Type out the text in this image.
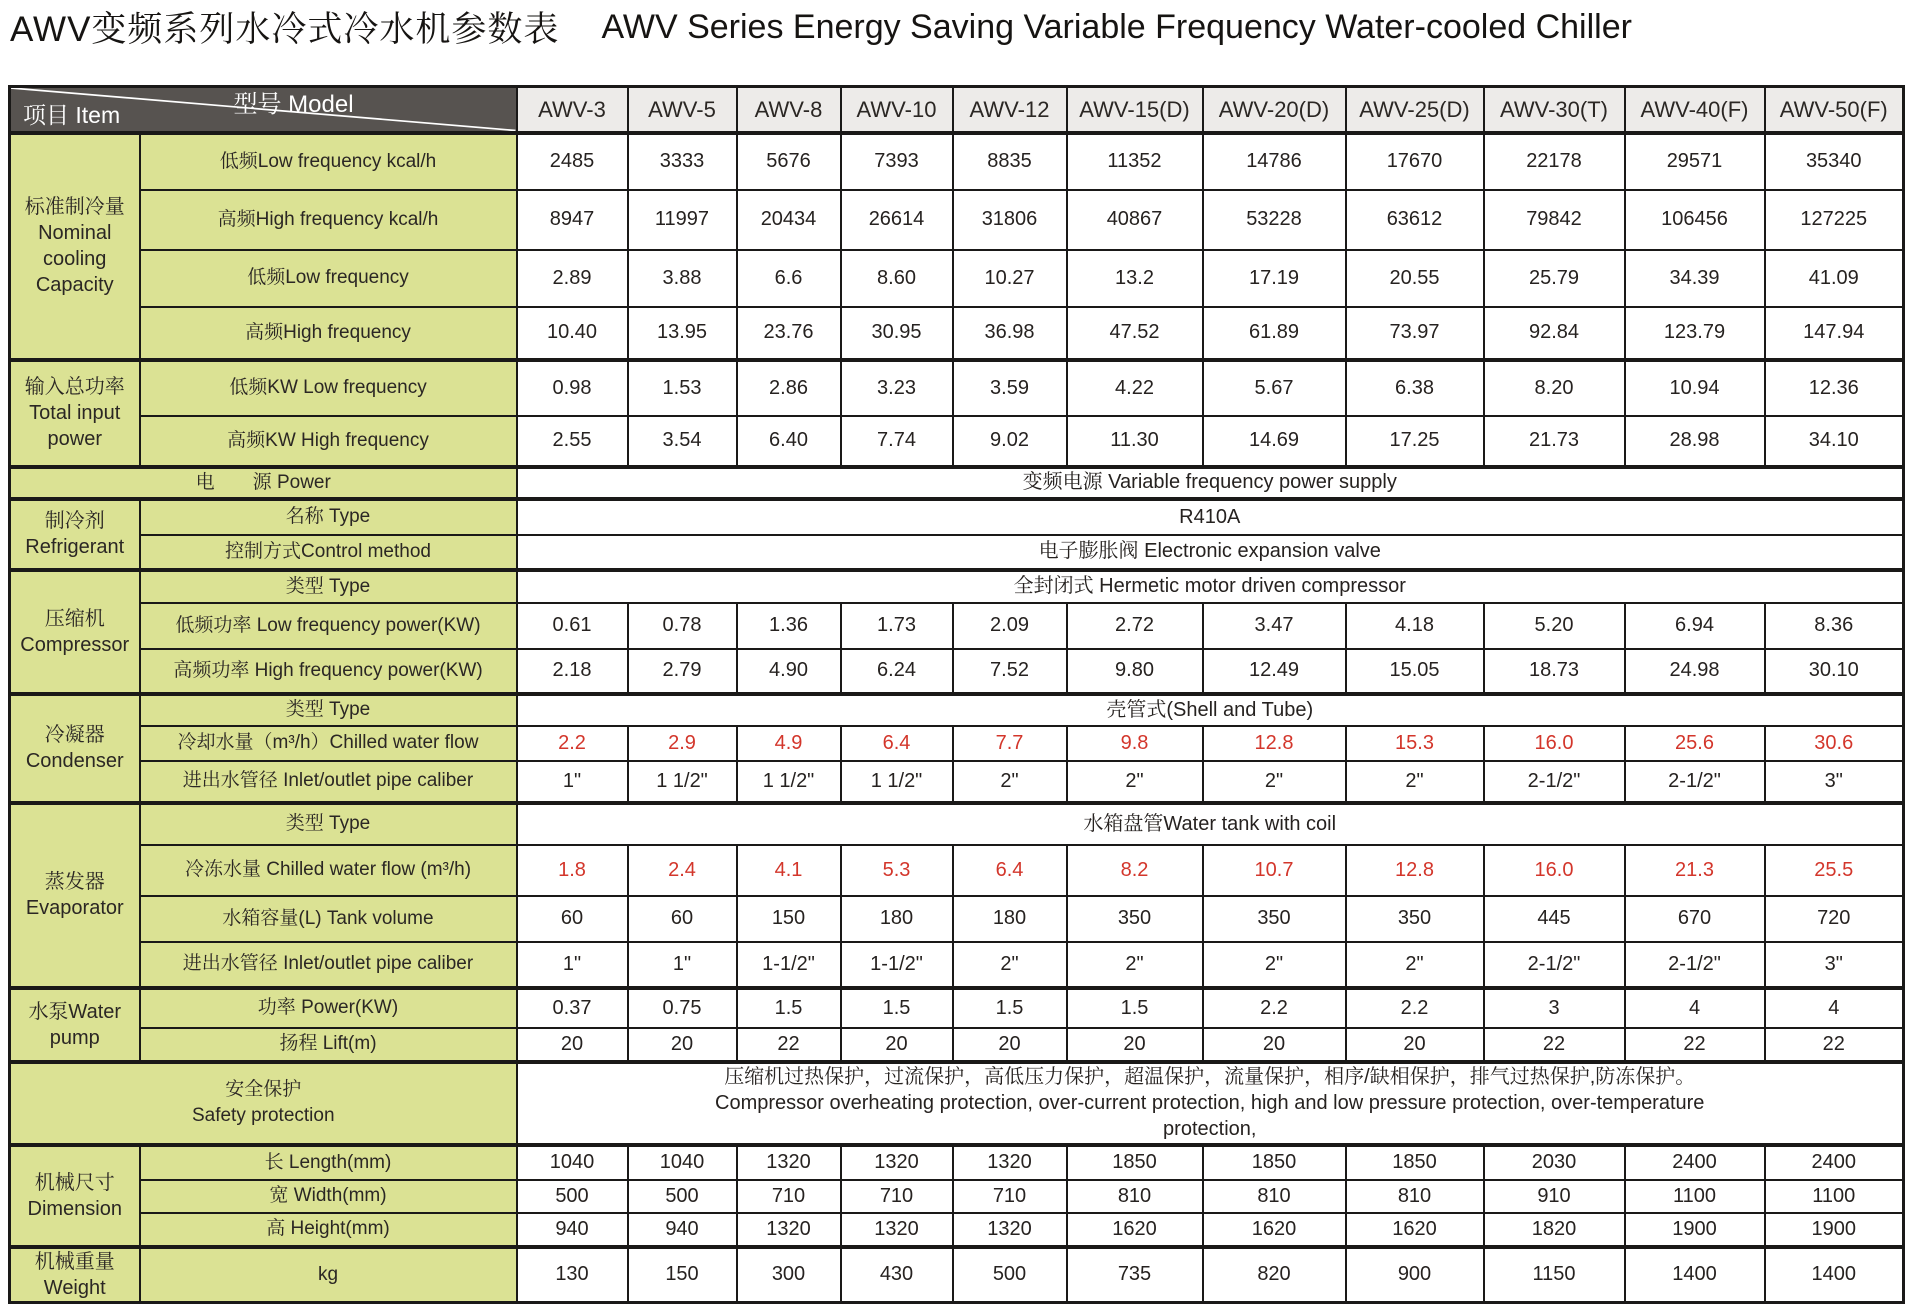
AWV变频系列水冷式冷水机参数表 AWV Series Energy Saving Variable Frequency Water-cooled Chiller
型号 Model
项目 Item		AWV-3	AWV-5	AWV-8	AWV-10	AWV-12	AWV-15(D)	AWV-20(D)	AWV-25(D)	AWV-30(T)	AWV-40(F)	AWV-50(F)

标准制冷量
Nominal
cooling
Capacity	低频Low frequency kcal/h	2485	3333	5676	7393	8835	11352	14786	17670	22178	29571	35340
	高频High frequency kcal/h	8947	11997	20434	26614	31806	40867	53228	63612	79842	106456	127225
	低频Low frequency	2.89	3.88	6.6	8.60	10.27	13.2	17.19	20.55	25.79	34.39	41.09
	高频High frequency	10.40	13.95	23.76	30.95	36.98	47.52	61.89	73.97	92.84	123.79	147.94

输入总功率
Total input
power	低频KW Low frequency	0.98	1.53	2.86	3.23	3.59	4.22	5.67	6.38	8.20	10.94	12.36
	高频KW High frequency	2.55	3.54	6.40	7.74	9.02	11.30	14.69	17.25	21.73	28.98	34.10
电　　源 Power		变频电源 Variable frequency power supply										

制冷剂
Refrigerant	名称 Type	R410A										
	控制方式Control method	电子膨胀阀 Electronic expansion valve										

压缩机
Compressor	类型 Type	全封闭式 Hermetic motor driven compressor										
	低频功率 Low frequency power(KW)	0.61	0.78	1.36	1.73	2.09	2.72	3.47	4.18	5.20	6.94	8.36
	高频功率 High frequency power(KW)	2.18	2.79	4.90	6.24	7.52	9.80	12.49	15.05	18.73	24.98	30.10

冷凝器
Condenser	类型 Type	壳管式(Shell and Tube)										
	冷却水量（m³/h）Chilled water flow	2.2	2.9	4.9	6.4	7.7	9.8	12.8	15.3	16.0	25.6	30.6
	进出水管径 Inlet/outlet pipe caliber	1"	1 1/2"	1 1/2"	1 1/2"	2"	2"	2"	2"	2-1/2"	2-1/2"	3"

蒸发器
Evaporator	类型 Type	水箱盘管Water tank with coil										
	冷冻水量 Chilled water flow (m³/h)	1.8	2.4	4.1	5.3	6.4	8.2	10.7	12.8	16.0	21.3	25.5
	水箱容量(L) Tank volume	60	60	150	180	180	350	350	350	445	670	720
	进出水管径 Inlet/outlet pipe caliber	1"	1"	1-1/2"	1-1/2"	2"	2"	2"	2"	2-1/2"	2-1/2"	3"

水泵Water
pump	功率 Power(KW)	0.37	0.75	1.5	1.5	1.5	1.5	2.2	2.2	3	4	4
	扬程 Lift(m)	20	20	22	20	20	20	20	20	22	22	22

安全保护
Safety protection

压缩机过热保护，过流保护，高低压力保护，超温保护，流量保护，相序/缺相保护，排气过热保护,防冻保护。
Compressor overheating protection, over-current protection, high and low pressure protection, over-temperature
protection,

机械尺寸
Dimension	长 Length(mm)	1040	1040	1320	1320	1320	1850	1850	1850	2030	2400	2400
	宽 Width(mm)	500	500	710	710	710	810	810	810	910	1100	1100
	高 Height(mm)	940	940	1320	1320	1320	1620	1620	1620	1820	1900	1900

机械重量Weight	kg	130	150	300	430	500	735	820	900	1150	1400	1400
